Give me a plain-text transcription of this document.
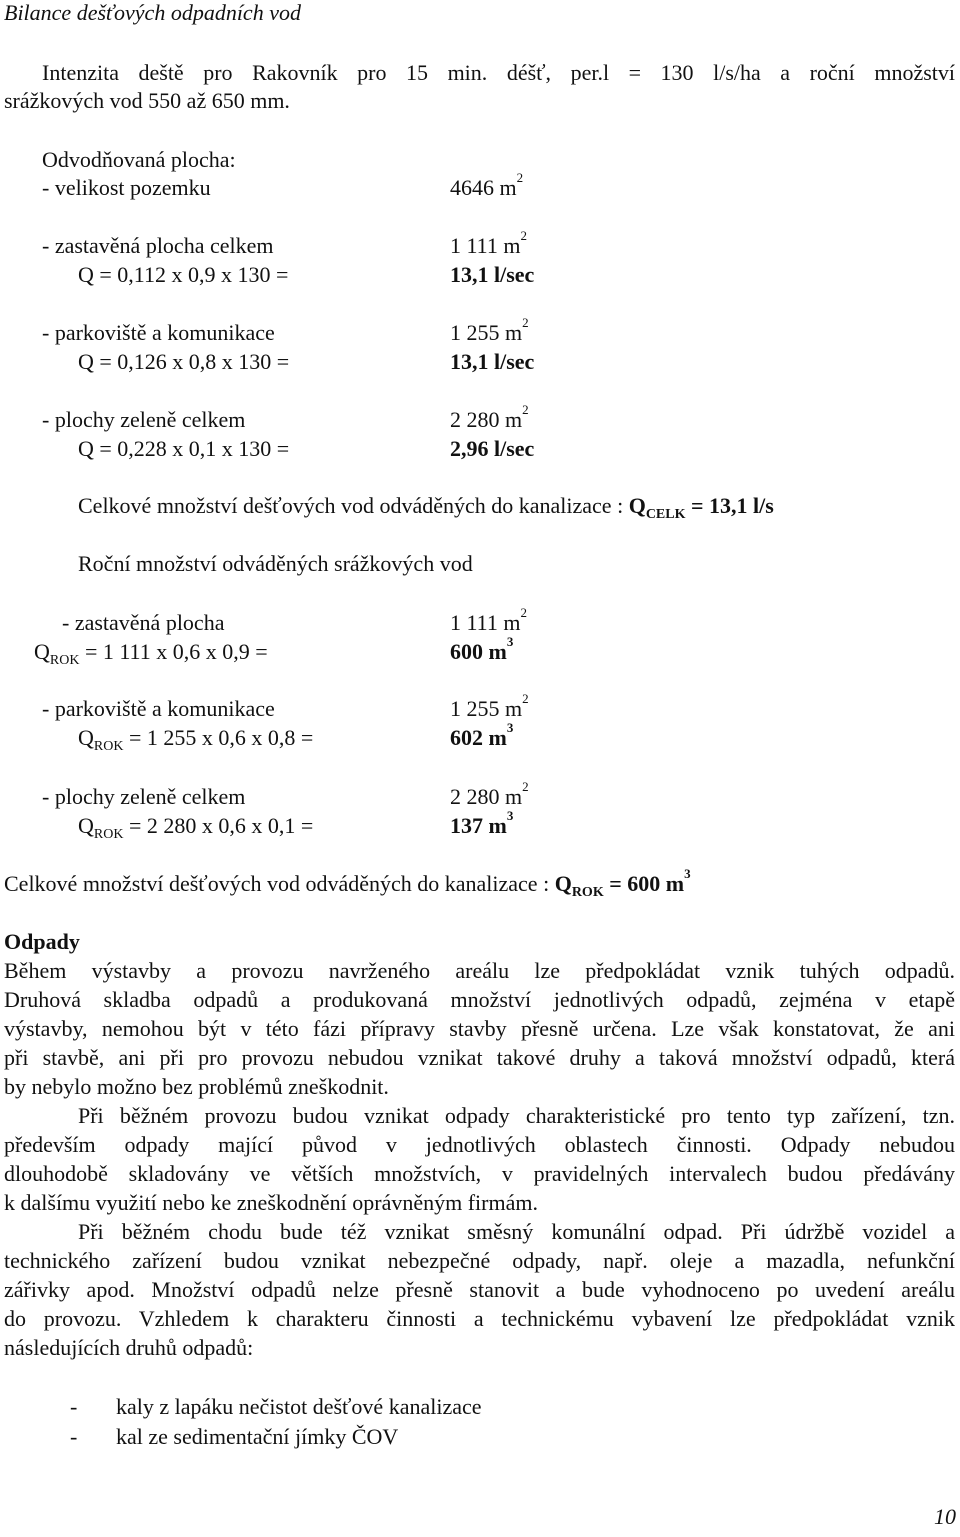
Bilance dešťových odpadních vod
Intenzita deště pro Rakovník pro 15 min. déšť, per.l = 130 l/s/ha a roční množství
srážkových vod 550 až 650 mm.
Odvodňovaná plocha:
- velikost pozemku	4646 $m^2$
- zastavěná plocha celkem	1 111 $m^2$
Q = 0,112 x 0,9 x 130 =	13,1 l/sec
- parkoviště a komunikace	1 255 $m^2$
Q = 0,126 x 0,8 x 130 =	13,1 l/sec
- plochy zeleně celkem	2 280 $m^2$
Q = 0,228 x 0,1 x 130 =	2,96 l/sec
Celkové množství dešťových vod odváděných do kanalizace : $Q_{CELK} = 13,1$ l/s
Roční množství odváděných srážkových vod
- zastavěná plocha	1 111 $m^2$
$Q_{ROK} = 1$ 111 x 0,6 x 0,9 =	600 $m^3$
- parkoviště a komunikace	1 255 $m^2$
$Q_{ROK} = 1$ 255 x 0,6 x 0,8 =	602 $m^3$
- plochy zeleně celkem	2 280 $m^2$
$Q_{ROK} = 2$ 280 x 0,6 x 0,1 =	137 $m^3$
Celkové množství dešťových vod odváděných do kanalizace : $Q_{ROK} = 600$ $m^3$
Odpady
Během výstavby a provozu navrženého areálu lze předpokládat vznik tuhých odpadů.
Druhová skladba odpadů a produkovaná množství jednotlivých odpadů, zejména v etapě
výstavby, nemohou být v této fázi přípravy stavby přesně určena. Lze však konstatovat, že ani
při stavbě, ani při pro provozu nebudou vznikat takové druhy a taková množství odpadů, která
by nebylo možno bez problémů zneškodnit.
Při běžném provozu budou vznikat odpady charakteristické pro tento typ zařízení, tzn.
především odpady mající původ v jednotlivých oblastech činnosti. Odpady nebudou
dlouhodobě skladovány ve větších množstvích, v pravidelných intervalech budou předávány
k dalšímu využití nebo ke zneškodnění oprávněným firmám.
Při běžném chodu bude též vznikat směsný komunální odpad. Při údržbě vozidel a
technického zařízení budou vznikat nebezpečné odpady, např. oleje a mazadla, nefunkční
zářivky apod. Množství odpadů nelze přesně stanovit a bude vyhodnoceno po uvedení areálu
do provozu. Vzhledem k charakteru činnosti a technickému vybavení lze předpokládat vznik
následujících druhů odpadů:
- kaly z lapáku nečistot dešťové kanalizace
- kal ze sedimentační jímky ČOV
10
